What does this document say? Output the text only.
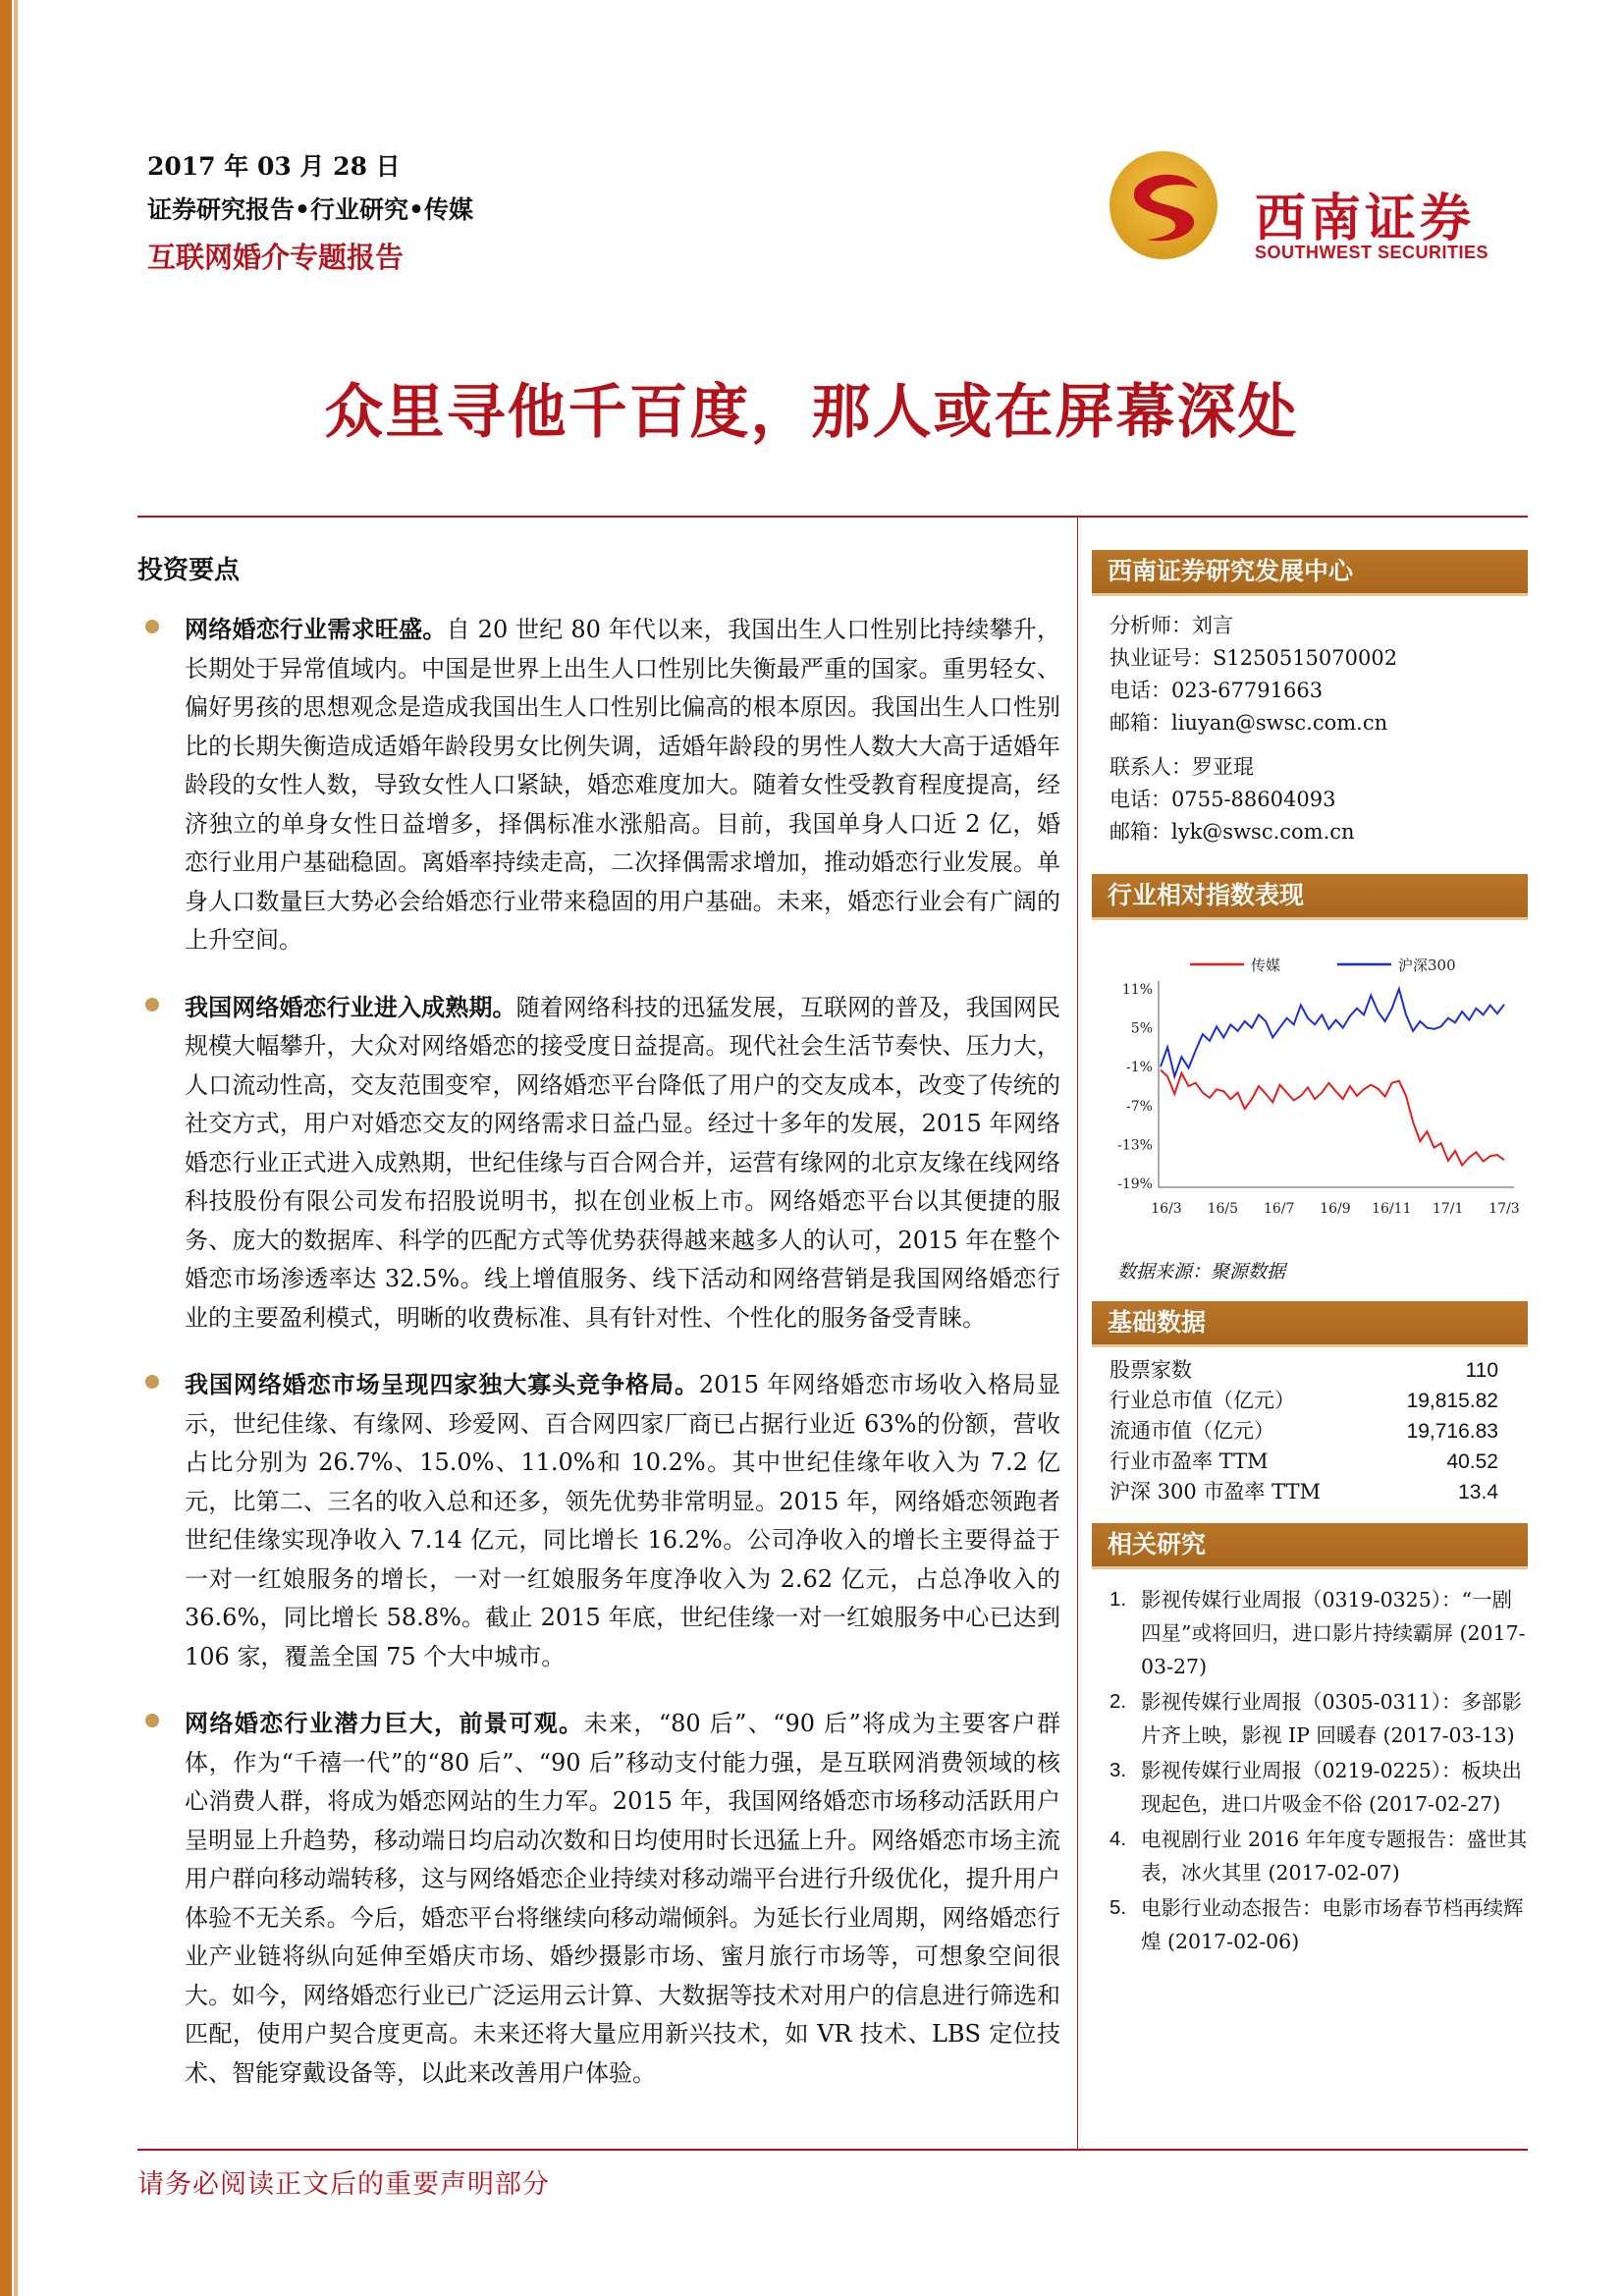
2017 年 03 月 28 日
证券研究报告•行业研究•传媒
互联网婚介专题报告
西南证券
SOUTHWEST SECURITIES
众里寻他千百度，那人或在屏幕深处
投资要点
网络婚恋行业需求旺盛。自 20 世纪 80 年代以来，我国出生人口性别比持续攀升，长期处于异常值域内。中国是世界上出生人口性别比失衡最严重的国家。重男轻女、偏好男孩的思想观念是造成我国出生人口性别比偏高的根本原因。我国出生人口性别比的长期失衡造成适婚年龄段男女比例失调，适婚年龄段的男性人数大大高于适婚年龄段的女性人数，导致女性人口紧缺，婚恋难度加大。随着女性受教育程度提高，经济独立的单身女性日益增多，择偶标准水涨船高。目前，我国单身人口近 2 亿，婚恋行业用户基础稳固。离婚率持续走高，二次择偶需求增加，推动婚恋行业发展。单身人口数量巨大势必会给婚恋行业带来稳固的用户基础。未来，婚恋行业会有广阔的上升空间。
我国网络婚恋行业进入成熟期。随着网络科技的迅猛发展，互联网的普及，我国网民规模大幅攀升，大众对网络婚恋的接受度日益提高。现代社会生活节奏快、压力大，人口流动性高，交友范围变窄，网络婚恋平台降低了用户的交友成本，改变了传统的社交方式，用户对婚恋交友的网络需求日益凸显。经过十多年的发展，2015 年网络婚恋行业正式进入成熟期，世纪佳缘与百合网合并，运营有缘网的北京友缘在线网络科技股份有限公司发布招股说明书，拟在创业板上市。网络婚恋平台以其便捷的服务、庞大的数据库、科学的匹配方式等优势获得越来越多人的认可，2015 年在整个婚恋市场渗透率达 32.5%。线上增值服务、线下活动和网络营销是我国网络婚恋行业的主要盈利模式，明晰的收费标准、具有针对性、个性化的服务备受青睐。
我国网络婚恋市场呈现四家独大寡头竞争格局。2015 年网络婚恋市场收入格局显示，世纪佳缘、有缘网、珍爱网、百合网四家厂商已占据行业近 63%的份额，营收占比分别为 26.7%、15.0%、11.0%和 10.2%。其中世纪佳缘年收入为 7.2 亿元，比第二、三名的收入总和还多，领先优势非常明显。2015 年，网络婚恋领跑者世纪佳缘实现净收入 7.14 亿元，同比增长 16.2%。公司净收入的增长主要得益于一对一红娘服务的增长，一对一红娘服务年度净收入为 2.62 亿元，占总净收入的 36.6%，同比增长 58.8%。截止 2015 年底，世纪佳缘一对一红娘服务中心已达到 106 家，覆盖全国 75 个大中城市。
网络婚恋行业潜力巨大，前景可观。未来，“80 后”、“90 后”将成为主要客户群体，作为“千禧一代”的“80 后”、“90 后”移动支付能力强，是互联网消费领域的核心消费人群，将成为婚恋网站的生力军。2015 年，我国网络婚恋市场移动活跃用户呈明显上升趋势，移动端日均启动次数和日均使用时长迅猛上升。网络婚恋市场主流用户群向移动端转移，这与网络婚恋企业持续对移动端平台进行升级优化，提升用户体验不无关系。今后，婚恋平台将继续向移动端倾斜。为延长行业周期，网络婚恋行业产业链将纵向延伸至婚庆市场、婚纱摄影市场、蜜月旅行市场等，可想象空间很大。如今，网络婚恋行业已广泛运用云计算、大数据等技术对用户的信息进行筛选和匹配，使用户契合度更高。未来还将大量应用新兴技术，如 VR 技术、LBS 定位技术、智能穿戴设备等，以此来改善用户体验。
西南证券研究发展中心
分析师：刘言
执业证号：S1250515070002
电话：023-67791663
邮箱：liuyan@swsc.com.cn
联系人：罗亚琨
电话：0755-88604093
邮箱：lyk@swsc.com.cn
行业相对指数表现
传媒	沪深300
11%
5%
-1%
-7%
-13%
-19%
16/3 16/5 16/7 16/9 16/11 17/1 17/3
数据来源：聚源数据
基础数据
股票家数	110
行业总市值（亿元）	19,815.82
流通市值（亿元）	19,716.83
行业市盈率 TTM	40.52
沪深 300 市盈率 TTM	13.4
相关研究
1. 影视传媒行业周报（0319-0325）：“一剧四星”或将回归，进口影片持续霸屏 (2017-03-27)
2. 影视传媒行业周报（0305-0311）：多部影片齐上映，影视 IP 回暖春 (2017-03-13)
3. 影视传媒行业周报（0219-0225）：板块出现起色，进口片吸金不俗 (2017-02-27)
4. 电视剧行业 2016 年年度专题报告：盛世其表，冰火其里 (2017-02-07)
5. 电影行业动态报告：电影市场春节档再续辉煌 (2017-02-06)
请务必阅读正文后的重要声明部分
